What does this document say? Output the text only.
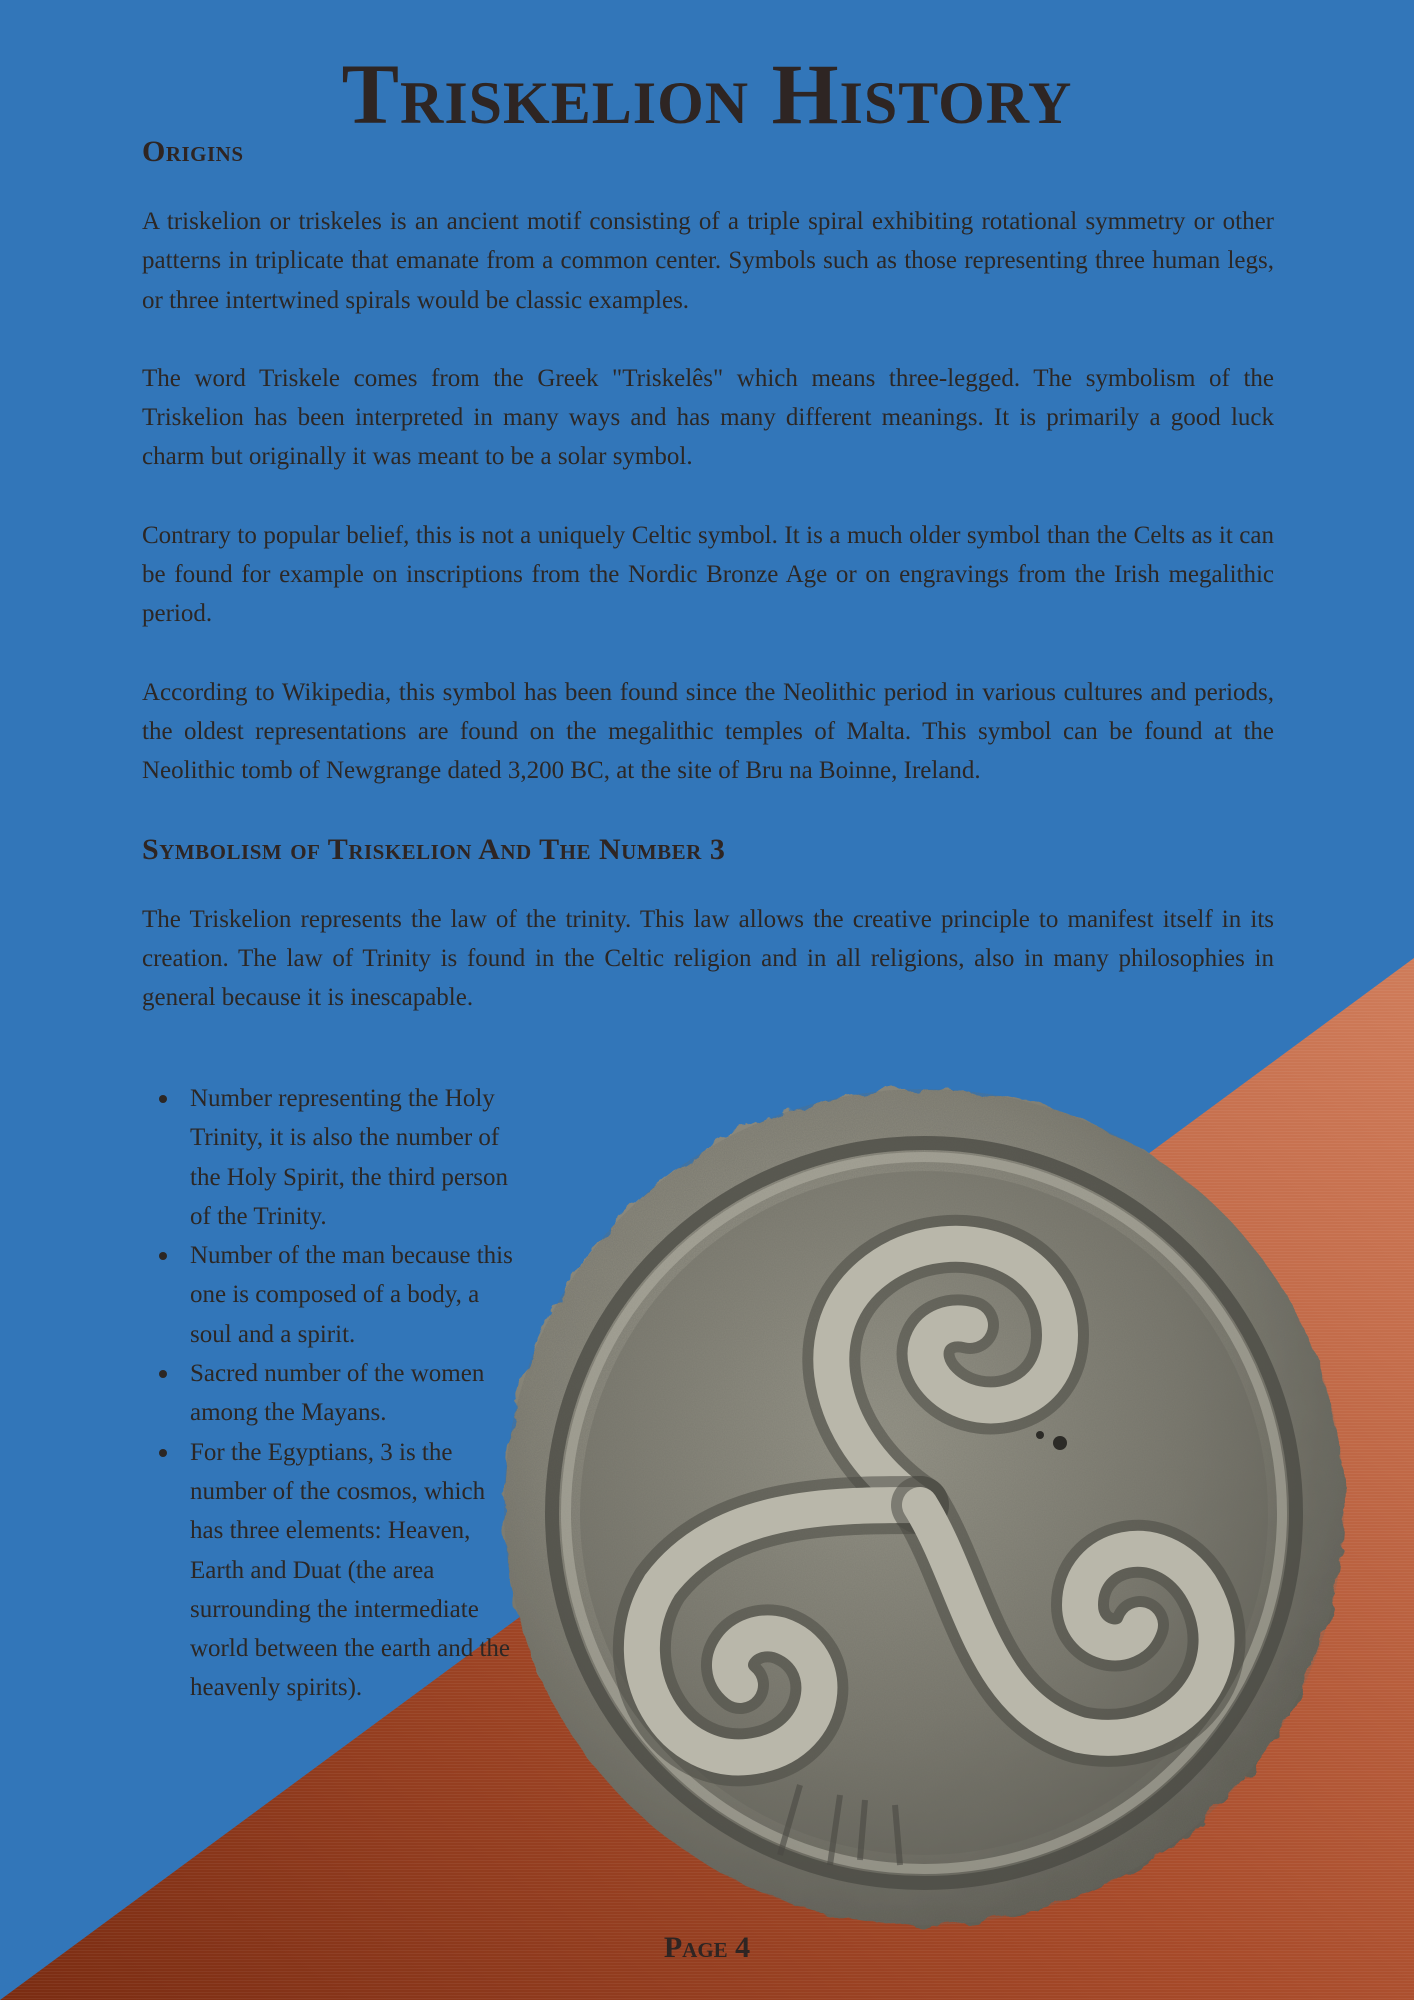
Triskelion History
Origins

A triskelion or triskeles is an ancient motif consisting of a triple spiral exhibiting rotational symmetry or other patterns in triplicate that emanate from a common center. Symbols such as those representing three human legs, or three intertwined spirals would be classic examples.

The word Triskele comes from the Greek "Triskelês" which means three-legged. The symbolism of the Triskelion has been interpreted in many ways and has many different meanings. It is primarily a good luck charm but originally it was meant to be a solar symbol.

Contrary to popular belief, this is not a uniquely Celtic symbol. It is a much older symbol than the Celts as it can be found for example on inscriptions from the Nordic Bronze Age or on engravings from the Irish megalithic period.

According to Wikipedia, this symbol has been found since the Neolithic period in various cultures and periods, the oldest representations are found on the megalithic temples of Malta. This symbol can be found at the Neolithic tomb of Newgrange dated 3,200 BC, at the site of Bru na Boinne, Ireland.

Symbolism of Triskelion And The Number 3

The Triskelion represents the law of the trinity. This law allows the creative principle to manifest itself in its creation. The law of Trinity is found in the Celtic religion and in all religions, also in many philosophies in general because it is inescapable.

Number representing the Holy Trinity, it is also the number of the Holy Spirit, the third person of the Trinity.
Number of the man because this one is composed of a body, a soul and a spirit.
Sacred number of the women among the Mayans.
For the Egyptians, 3 is the number of the cosmos, which has three elements: Heaven, Earth and Duat (the area surrounding the intermediate world between the earth and the heavenly spirits).
Page 4
